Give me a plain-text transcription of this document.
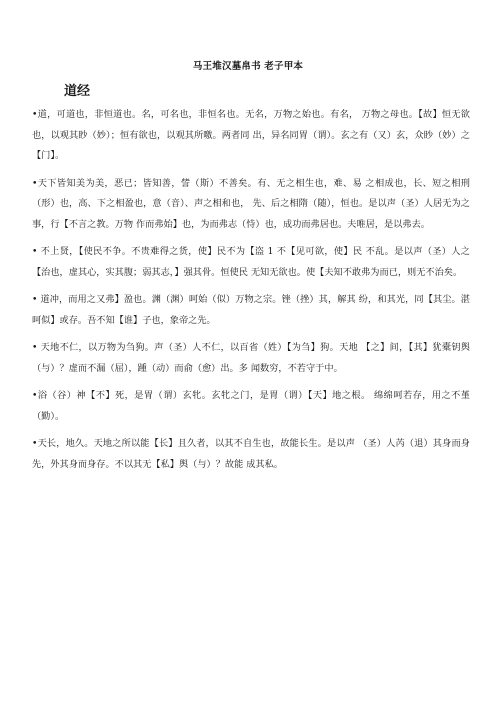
马王堆汉墓帛书 老子甲本
道经

•道，可道也，非恒道也。名，可名也，非恒名也。无名，万物之始也。有名， 万物之母也。【故】恒无欲也，以观其眇（妙）；恒有欲也，以观其所噭。两者同 出，异名同胃（谓）。玄之有（又）玄，众眇（妙）之【门】。

•天下皆知美为美，恶已；皆知善，訾（斯）不善矣。有、无之相生也，难、易 之相成也，长、短之相刑（形）也，高、下之相盈也，意（音）、声之相和也， 先、后之相隋（随），恒也。是以声（圣）人居无为之事，行【不言之教。万物 作而弗始】也，为而弗志（恃）也，成功而弗居也。夫唯居，是以弗去。

• 不上贤，【使民不争。不贵难得之货，使】民不为【盗 1 不【见可欲，使】民 不乱。是以声（圣）人之【治也，虚其心，实其腹；弱其志，】强其骨。恒使民 无知无欲也。使【夫知不敢弗为而已，则无不治矣。

• 道冲，而用之又弗】盈也。渊（渊）呵始（似）万物之宗。锉（挫）其，解其 纷，和其光，同【其尘。湛呵似】或存。吾不知【谁】子也，象帝之先。

• 天地不仁，以万物为刍狗。声（圣）人不仁，以百省（姓）【为刍】狗。天地 【之】间，【其】犹橐钥舆（与）？虚而不漏（屈），踵（动）而俞（愈）出。多 闻数穷，不若守于中。

•浴（谷）神【不】死，是胃（谓）玄牝。玄牝之门，是胃（谓）【天】地之根。 绵绵呵若存，用之不堇（勤）。

•天长，地久。天地之所以能【长】且久者，以其不自生也，故能长生。是以声 （圣）人芮（退）其身而身先，外其身而身存。不以其无【私】舆（与）？故能 成其私。
